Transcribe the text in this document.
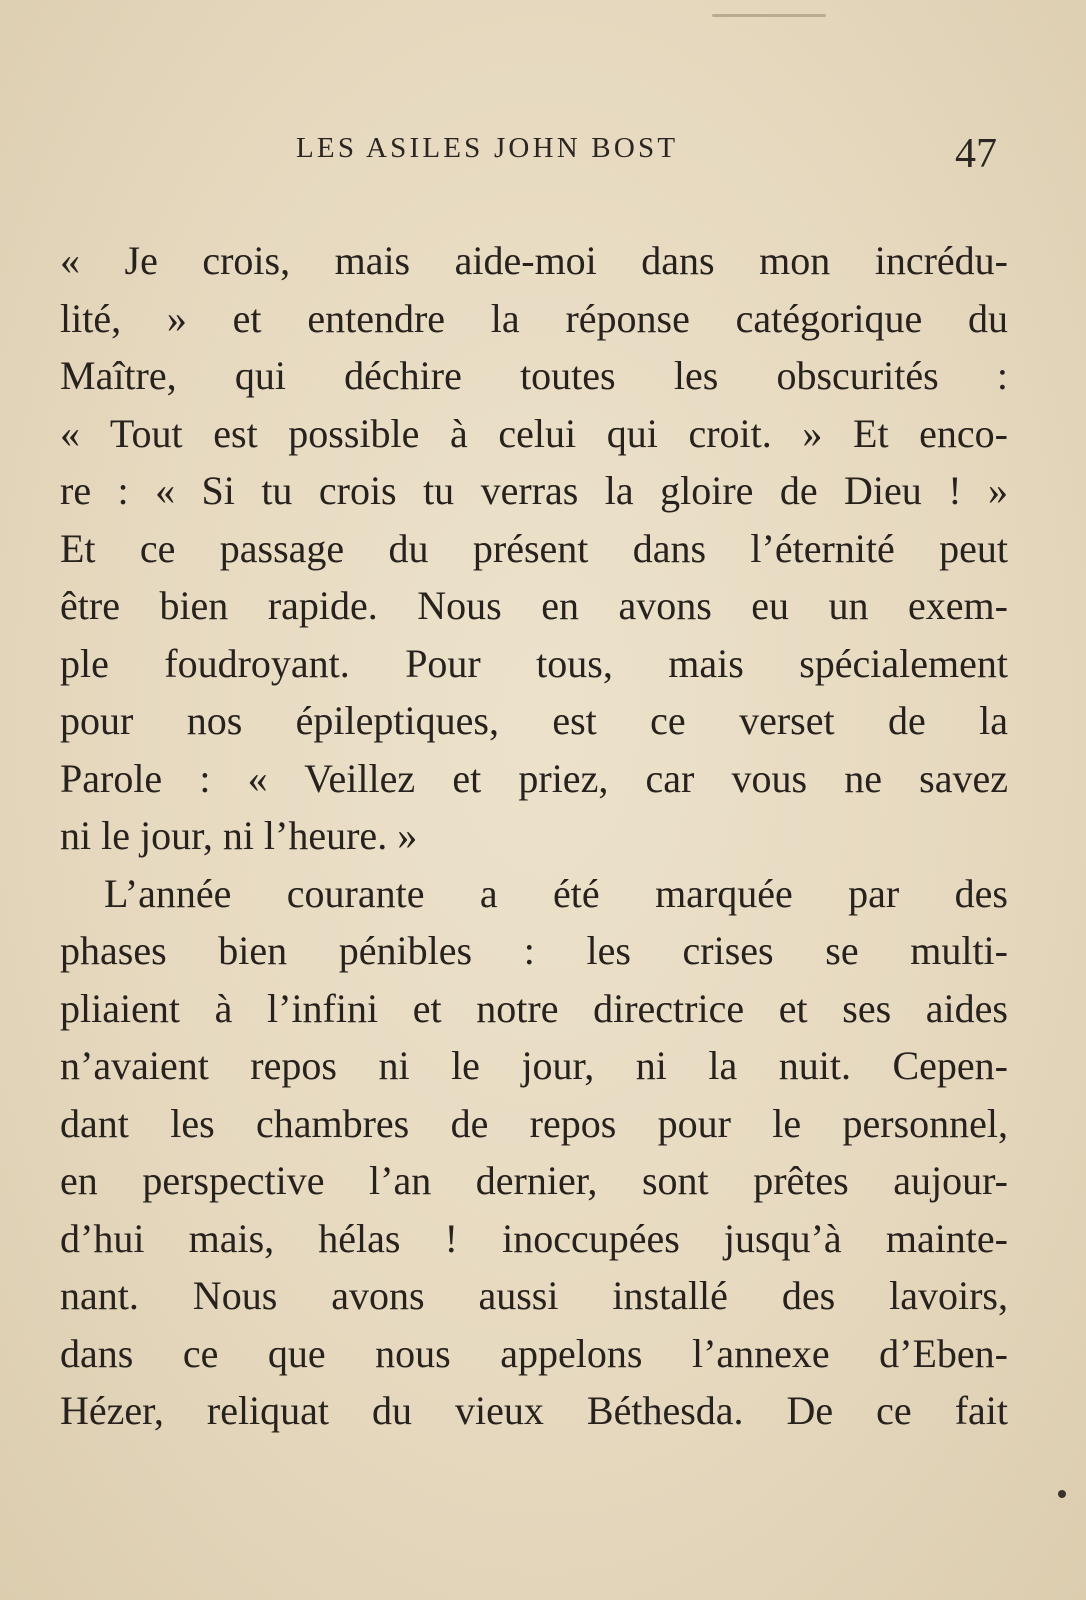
LES ASILES JOHN BOST	47
« Je crois, mais aide-moi dans mon incrédu-
lité, » et entendre la réponse catégorique du
Maître, qui déchire toutes les obscurités :
« Tout est possible à celui qui croit. » Et enco-
re : « Si tu crois tu verras la gloire de Dieu ! »
Et ce passage du présent dans l’éternité peut
être bien rapide. Nous en avons eu un exem-
ple foudroyant. Pour tous, mais spécialement
pour nos épileptiques, est ce verset de la
Parole : « Veillez et priez, car vous ne savez
ni le jour, ni l’heure. »
L’année courante a été marquée par des
phases bien pénibles : les crises se multi-
pliaient à l’infini et notre directrice et ses aides
n’avaient repos ni le jour, ni la nuit. Cepen-
dant les chambres de repos pour le personnel,
en perspective l’an dernier, sont prêtes aujour-
d’hui mais, hélas ! inoccupées jusqu’à mainte-
nant. Nous avons aussi installé des lavoirs,
dans ce que nous appelons l’annexe d’Eben-
Hézer, reliquat du vieux Béthesda. De ce fait
